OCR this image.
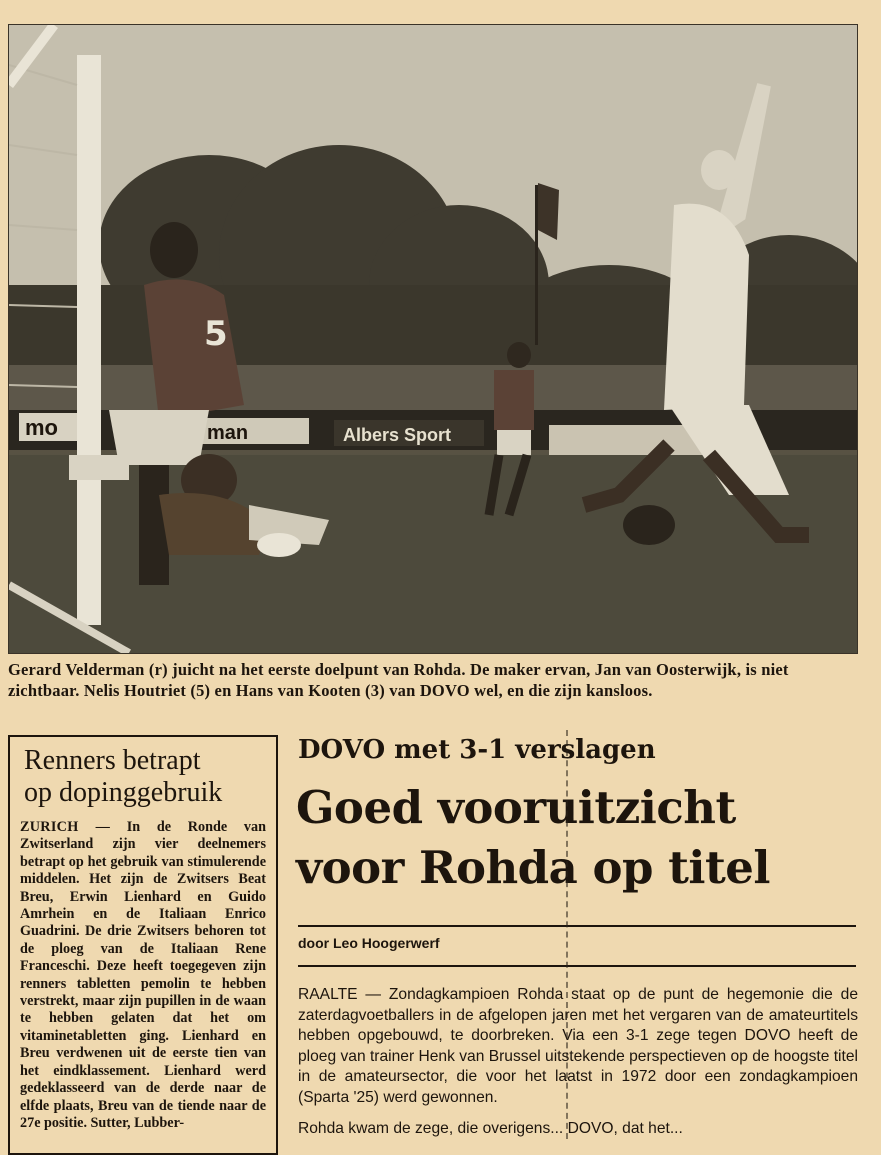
mo	man	Albers Sport
5
Gerard Velderman (r) juicht na het eerste doelpunt van Rohda. De maker ervan, Jan van Oosterwijk, is niet zichtbaar. Nelis Houtriet (5) en Hans van Kooten (3) van DOVO wel, en die zijn kansloos.
Renners betrapt
op dopinggebruik
ZURICH — In de Ronde van Zwitserland zijn vier deelnemers betrapt op het gebruik van stimulerende middelen. Het zijn de Zwitsers Beat Breu, Erwin Lienhard en Guido Amrhein en de Italiaan Enrico Guadrini. De drie Zwitsers behoren tot de ploeg van de Italiaan Rene Franceschi. Deze heeft toegegeven zijn renners tabletten pemolin te hebben verstrekt, maar zijn pupillen in de waan te hebben gelaten dat het om vitaminetabletten ging. Lienhard en Breu verdwenen uit de eerste tien van het eindklassement. Lienhard werd gedeklasseerd van de derde naar de elfde plaats, Breu van de tiende naar de 27e positie. Sutter, Lubber-
DOVO met 3-1 verslagen
Goed vooruitzicht
voor Rohda op titel
door Leo Hoogerwerf
RAALTE — Zondagkampioen Rohda staat op de punt de hegemonie die de zaterdagvoetballers in de afgelopen jaren met het vergaren van de amateurtitels hebben opgebouwd, te doorbreken. Via een 3-1 zege tegen DOVO heeft de ploeg van trainer Henk van Brussel uitstekende perspectieven op de hoogste titel in de amateursector, die voor het laatst in 1972 door een zondagkampioen (Sparta '25) werd gewonnen.
Rohda kwam de zege, die overigens... DOVO, dat het...
